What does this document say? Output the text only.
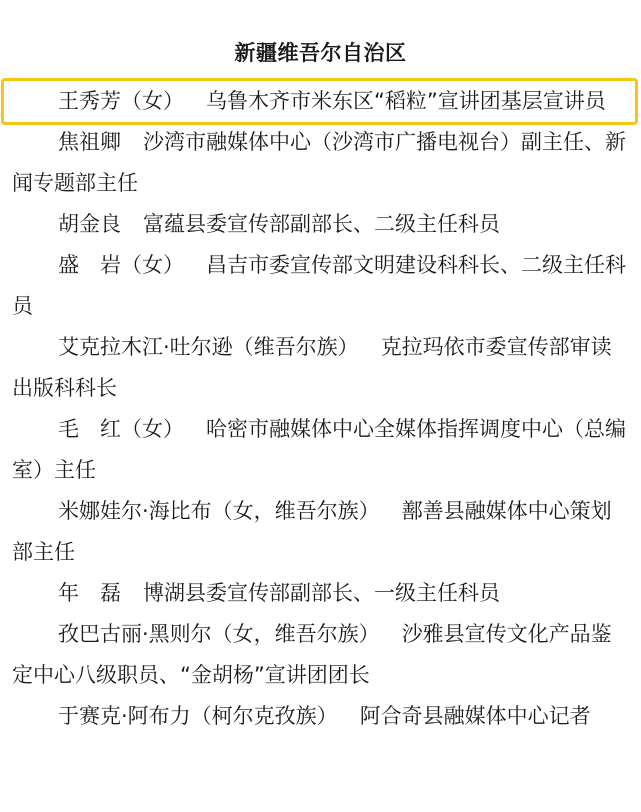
新疆维吾尔自治区

王秀芳（女） 乌鲁木齐市米东区“稻粒”宣讲团基层宣讲员

焦祖卿 沙湾市融媒体中心（沙湾市广播电视台）副主任、新闻专题部主任

胡金良 富蕴县委宣传部副部长、二级主任科员

盛　岩（女） 昌吉市委宣传部文明建设科科长、二级主任科员

艾克拉木江·吐尔逊（维吾尔族） 克拉玛依市委宣传部审读出版科科长

毛　红（女） 哈密市融媒体中心全媒体指挥调度中心（总编室）主任

米娜娃尔·海比布（女，维吾尔族） 鄯善县融媒体中心策划部主任

年　磊 博湖县委宣传部副部长、一级主任科员

孜巴古丽·黑则尔（女，维吾尔族） 沙雅县宣传文化产品鉴定中心八级职员、“金胡杨”宣讲团团长

于赛克·阿布力（柯尔克孜族） 阿合奇县融媒体中心记者
